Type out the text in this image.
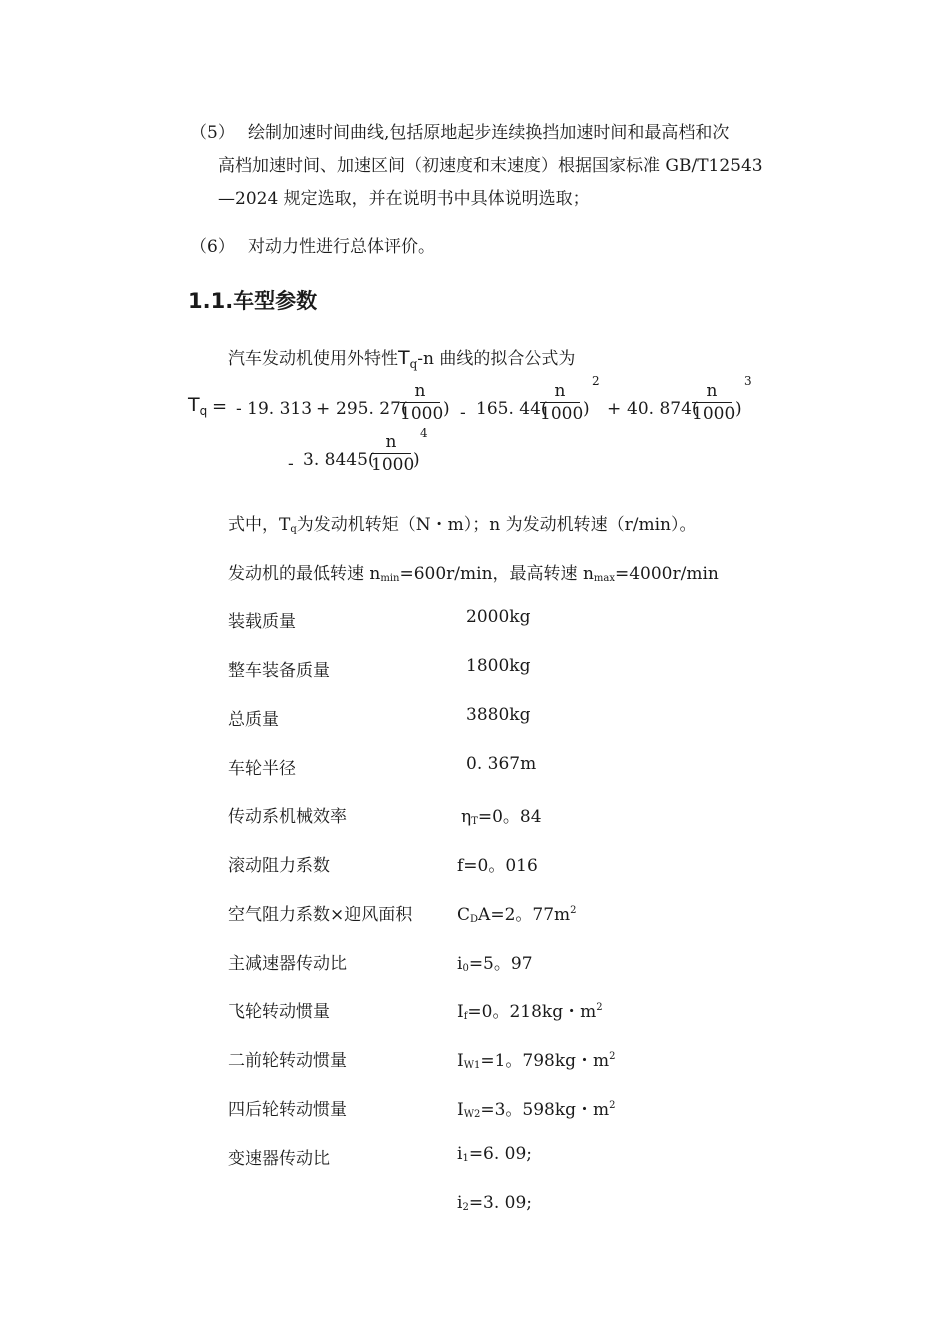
（5） 绘制加速时间曲线,包括原地起步连续换挡加速时间和最高档和次
高档加速时间、加速区间（初速度和末速度）根据国家标准 GB/T12543
—2024 规定选取，并在说明书中具体说明选取；
（6） 对动力性进行总体评价。
1.1.车型参数
汽车发动机使用外特性$T_q-n$ 曲线的拟合公式为
$T_q$ = - 19. 313 + 295. 27(
n
1000 ) - 165. 44(
n
1000 )
2
+ 40. 874(
n
1000 )
3
- 3. 8445(
n
1000
)
4
式中，Tq为发动机转矩（N・m）；n 为发动机转速（r/min）。
发动机的最低转速 nmin=600r/min，最高转速 nmax=4000r/min
装载质量	2000kg
整车装备质量	1800kg
总质量	3880kg
车轮半径	0. 367m
传动系机械效率	ηT=0。84
滚动阻力系数	f=0。016
空气阻力系数×迎风面积	CDA=2。$77m^2$
主减速器传动比	i0=5。97
飞轮转动惯量	If=0。218kg・$m^2$
二前轮转动惯量	IW1=1。798kg・$m^2$
四后轮转动惯量	IW2=3。598kg・$m^2$
变速器传动比	i1=6. 09;
i2=3. 09;
